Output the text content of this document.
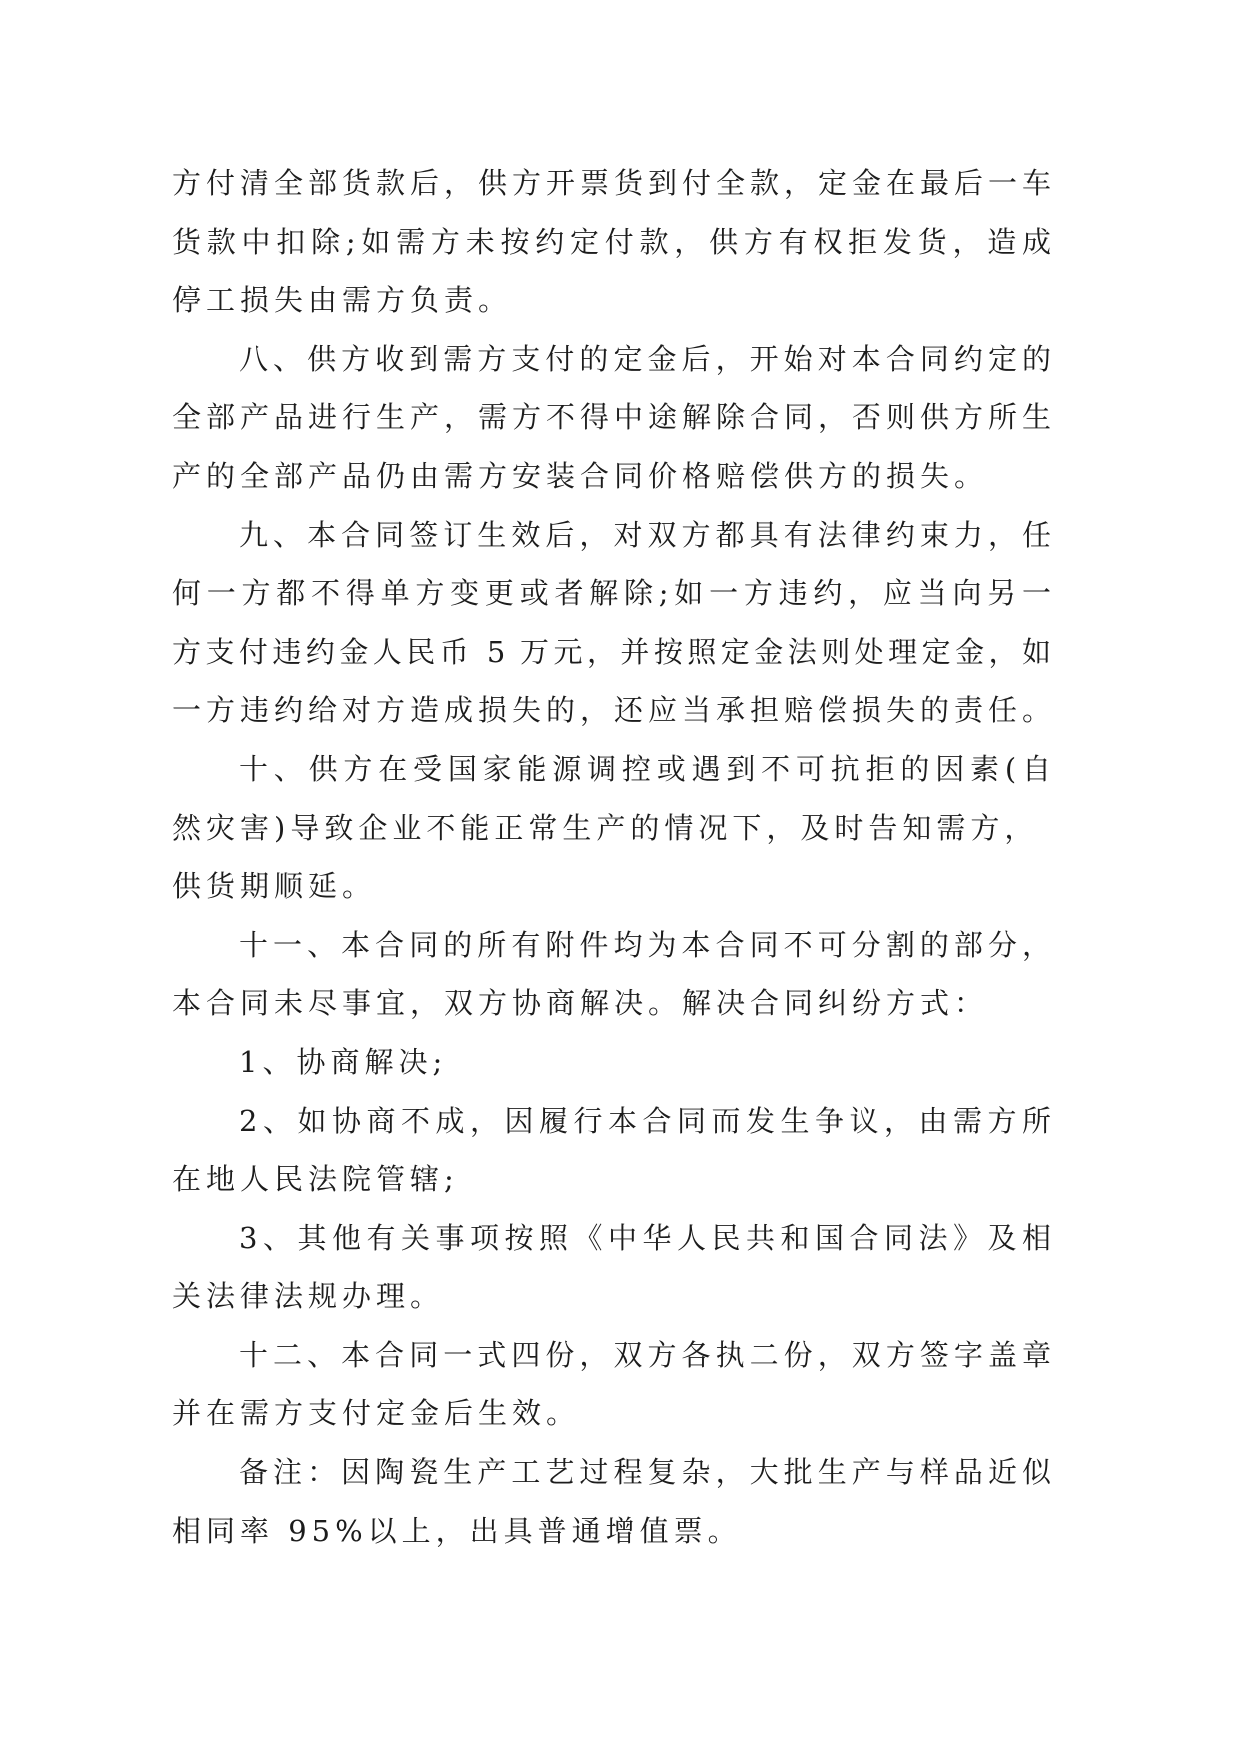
方付清全部货款后，供方开票货到付全款，定金在最后一车
货款中扣除;如需方未按约定付款，供方有权拒发货，造成
停工损失由需方负责。
八、供方收到需方支付的定金后，开始对本合同约定的
全部产品进行生产，需方不得中途解除合同，否则供方所生
产的全部产品仍由需方安装合同价格赔偿供方的损失。
九、本合同签订生效后，对双方都具有法律约束力，任
何一方都不得单方变更或者解除;如一方违约，应当向另一
方支付违约金人民币 5 万元，并按照定金法则处理定金，如
一方违约给对方造成损失的，还应当承担赔偿损失的责任。
十、供方在受国家能源调控或遇到不可抗拒的因素(自
然灾害)导致企业不能正常生产的情况下，及时告知需方，
供货期顺延。
十一、本合同的所有附件均为本合同不可分割的部分，
本合同未尽事宜，双方协商解决。解决合同纠纷方式：
1、协商解决;
2、如协商不成，因履行本合同而发生争议，由需方所
在地人民法院管辖;
3、其他有关事项按照《中华人民共和国合同法》及相
关法律法规办理。
十二、本合同一式四份，双方各执二份，双方签字盖章
并在需方支付定金后生效。
备注：因陶瓷生产工艺过程复杂，大批生产与样品近似
相同率 95%以上，出具普通增值票。
